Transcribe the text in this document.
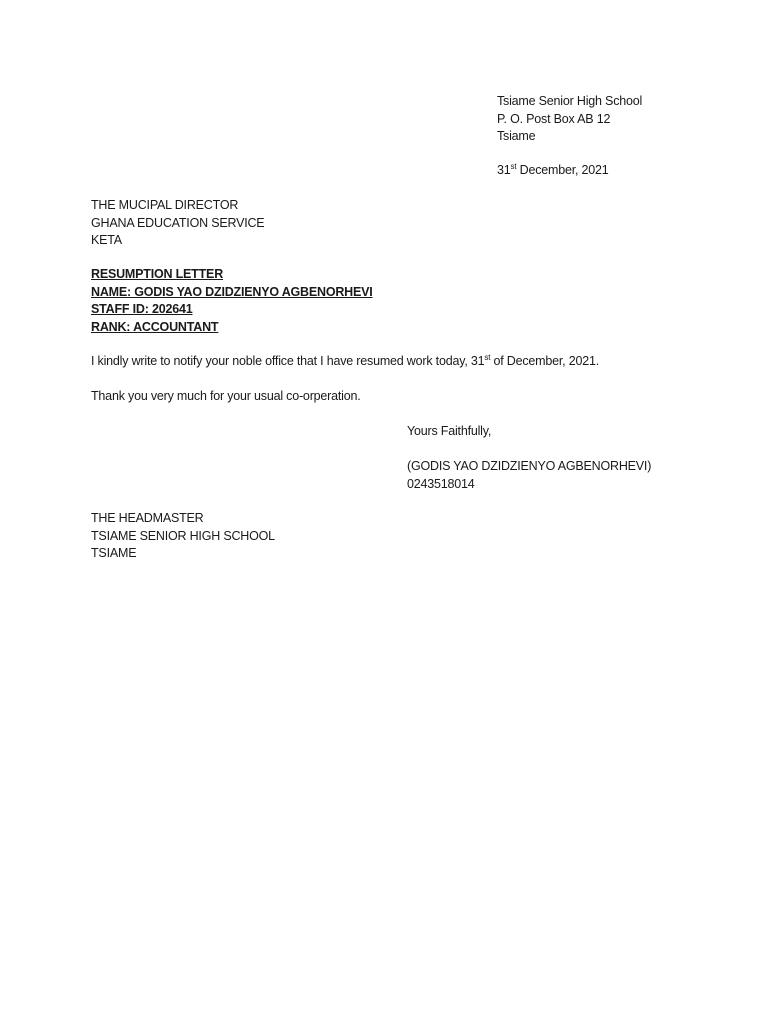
Tsiame Senior High School
P. O. Post Box AB 12
Tsiame
31st December, 2021
THE MUCIPAL DIRECTOR
GHANA EDUCATION SERVICE
KETA
RESUMPTION LETTER
NAME: GODIS YAO DZIDZIENYO AGBENORHEVI
STAFF ID: 202641
RANK: ACCOUNTANT
I kindly write to notify your noble office that I have resumed work today, 31st of December, 2021.
Thank you very much for your usual co-orperation.
Yours Faithfully,
(GODIS YAO DZIDZIENYO AGBENORHEVI)
0243518014
THE HEADMASTER
TSIAME SENIOR HIGH SCHOOL
TSIAME
